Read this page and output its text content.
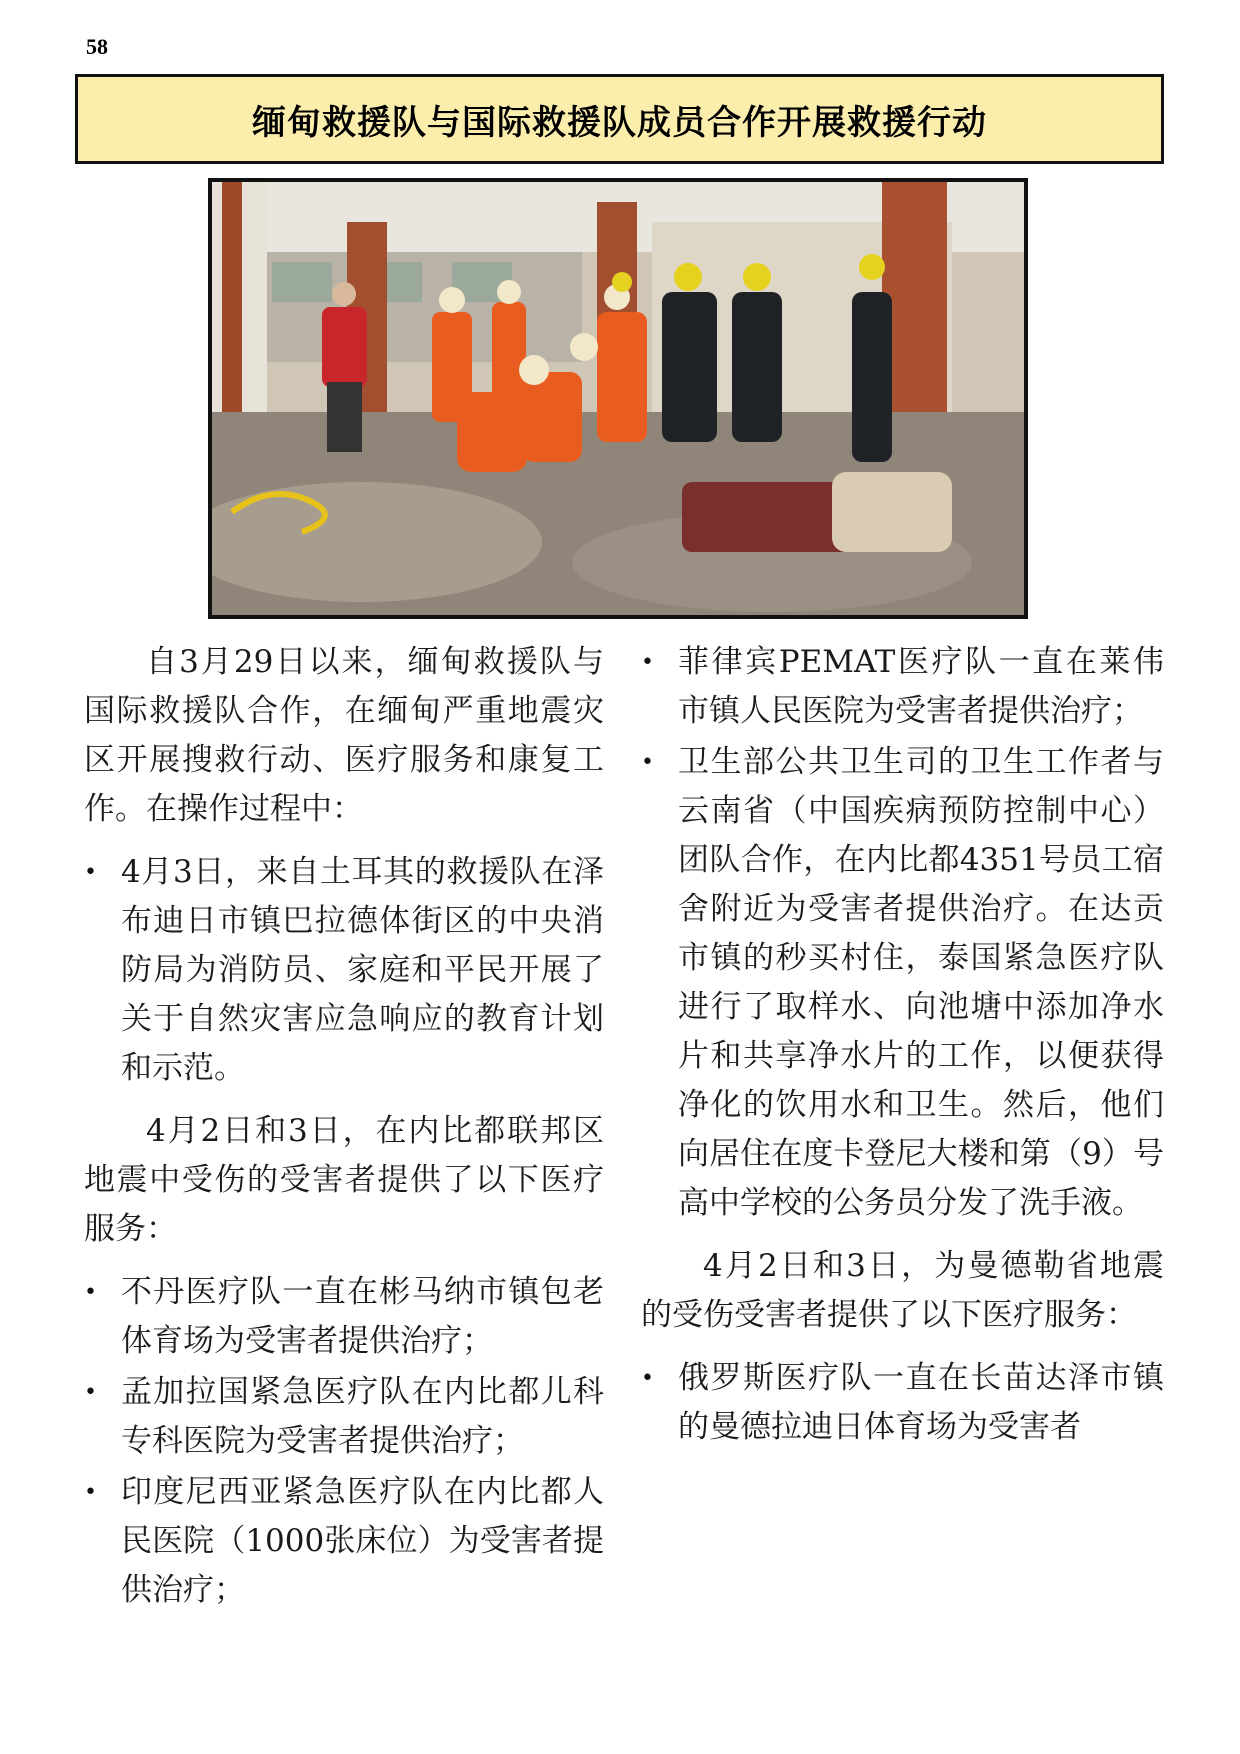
58
缅甸救援队与国际救援队成员合作开展救援行动

自3月29日以来，缅甸救援队与国际救援队合作，在缅甸严重地震灾区开展搜救行动、医疗服务和康复工作。在操作过程中：

• 4月3日，来自土耳其的救援队在泽布迪日市镇巴拉德体街区的中央消防局为消防员、家庭和平民开展了关于自然灾害应急响应的教育计划和示范。

4月2日和3日，在内比都联邦区地震中受伤的受害者提供了以下医疗服务：

• 不丹医疗队一直在彬马纳市镇包老体育场为受害者提供治疗；
• 孟加拉国紧急医疗队在内比都儿科专科医院为受害者提供治疗；
• 印度尼西亚紧急医疗队在内比都人民医院（1000张床位）为受害者提供治疗；
• 菲律宾PEMAT医疗队一直在莱伟市镇人民医院为受害者提供治疗；
• 卫生部公共卫生司的卫生工作者与云南省（中国疾病预防控制中心）团队合作，在内比都4351号员工宿舍附近为受害者提供治疗。在达贡市镇的秒买村住，泰国紧急医疗队进行了取样水、向池塘中添加净水片和共享净水片的工作，以便获得净化的饮用水和卫生。然后，他们向居住在度卡登尼大楼和第（9）号高中学校的公务员分发了洗手液。

4月2日和3日，为曼德勒省地震的受伤受害者提供了以下医疗服务：

• 俄罗斯医疗队一直在长苗达泽市镇的曼德拉迪日体育场为受害者
